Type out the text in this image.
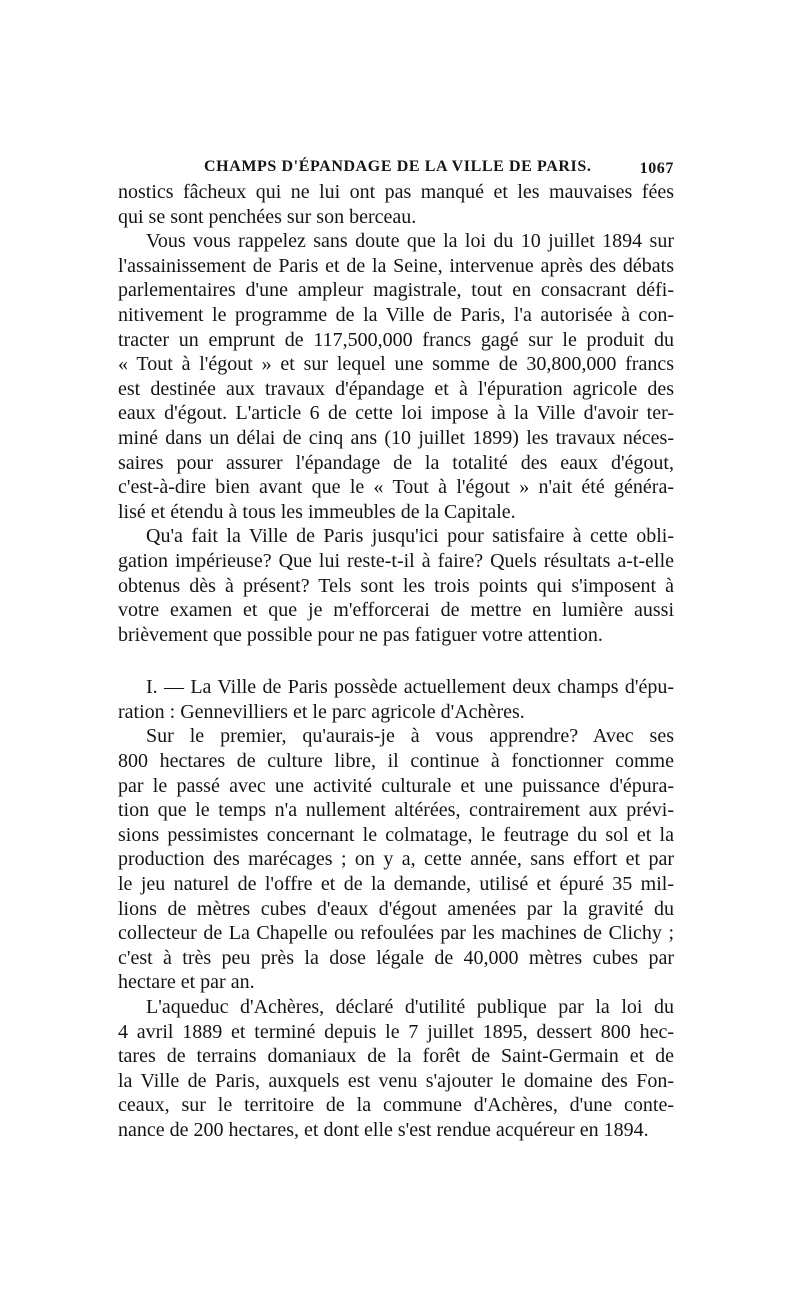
CHAMPS D'ÉPANDAGE DE LA VILLE DE PARIS.	1067
nostics fâcheux qui ne lui ont pas manqué et les mauvaises fées
qui se sont penchées sur son berceau.
Vous vous rappelez sans doute que la loi du 10 juillet 1894 sur
l'assainissement de Paris et de la Seine, intervenue après des débats
parlementaires d'une ampleur magistrale, tout en consacrant défi-
nitivement le programme de la Ville de Paris, l'a autorisée à con-
tracter un emprunt de 117,500,000 francs gagé sur le produit du
« Tout à l'égout » et sur lequel une somme de 30,800,000 francs
est destinée aux travaux d'épandage et à l'épuration agricole des
eaux d'égout. L'article 6 de cette loi impose à la Ville d'avoir ter-
miné dans un délai de cinq ans (10 juillet 1899) les travaux néces-
saires pour assurer l'épandage de la totalité des eaux d'égout,
c'est-à-dire bien avant que le « Tout à l'égout » n'ait été généra-
lisé et étendu à tous les immeubles de la Capitale.
Qu'a fait la Ville de Paris jusqu'ici pour satisfaire à cette obli-
gation impérieuse? Que lui reste-t-il à faire? Quels résultats a-t-elle
obtenus dès à présent? Tels sont les trois points qui s'imposent à
votre examen et que je m'efforcerai de mettre en lumière aussi
brièvement que possible pour ne pas fatiguer votre attention.
I. — La Ville de Paris possède actuellement deux champs d'épu-
ration : Gennevilliers et le parc agricole d'Achères.
Sur le premier, qu'aurais-je à vous apprendre? Avec ses
800 hectares de culture libre, il continue à fonctionner comme
par le passé avec une activité culturale et une puissance d'épura-
tion que le temps n'a nullement altérées, contrairement aux prévi-
sions pessimistes concernant le colmatage, le feutrage du sol et la
production des marécages ; on y a, cette année, sans effort et par
le jeu naturel de l'offre et de la demande, utilisé et épuré 35 mil-
lions de mètres cubes d'eaux d'égout amenées par la gravité du
collecteur de La Chapelle ou refoulées par les machines de Clichy ;
c'est à très peu près la dose légale de 40,000 mètres cubes par
hectare et par an.
L'aqueduc d'Achères, déclaré d'utilité publique par la loi du
4 avril 1889 et terminé depuis le 7 juillet 1895, dessert 800 hec-
tares de terrains domaniaux de la forêt de Saint-Germain et de
la Ville de Paris, auxquels est venu s'ajouter le domaine des Fon-
ceaux, sur le territoire de la commune d'Achères, d'une conte-
nance de 200 hectares, et dont elle s'est rendue acquéreur en 1894.
